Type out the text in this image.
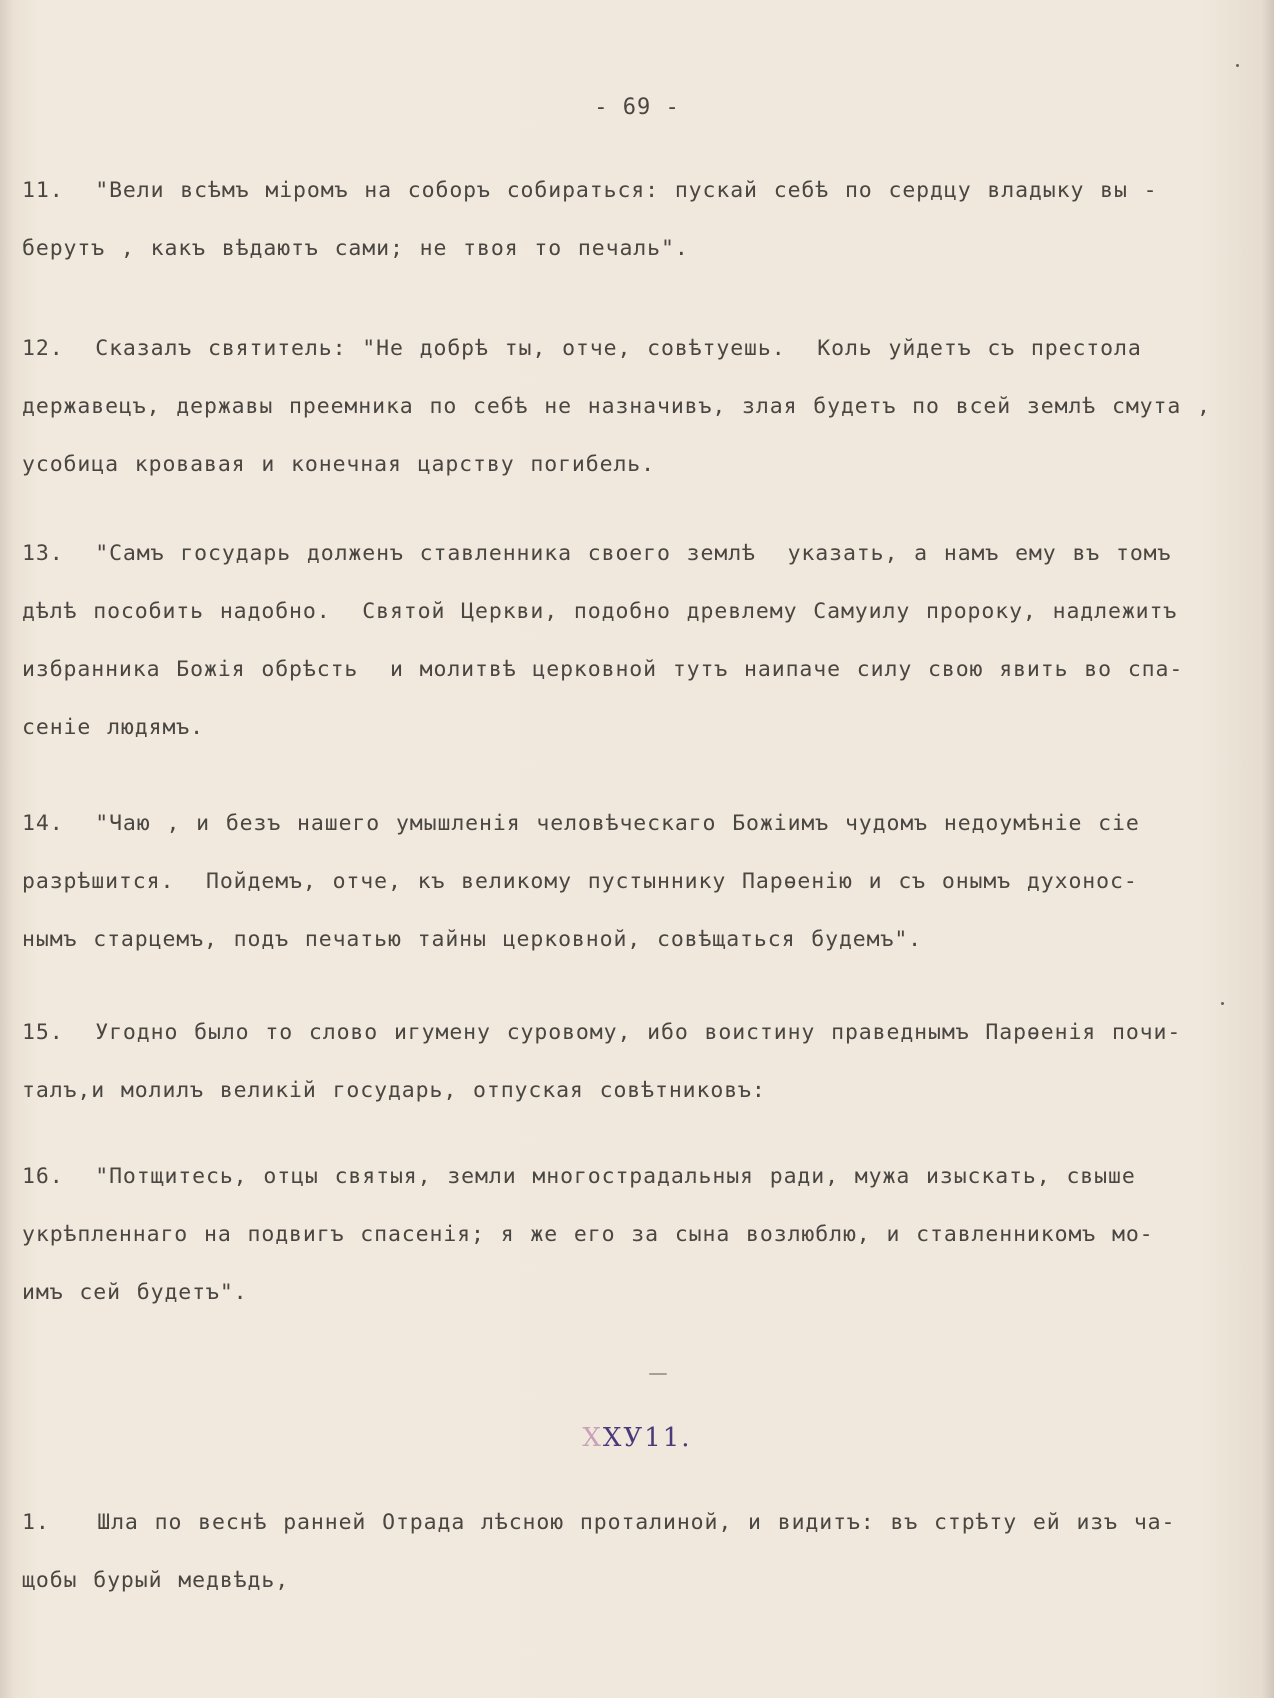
- 69 -
11.  "Вели всѣмъ міромъ на соборъ собираться: пускай себѣ по сердцу владыку вы -
берутъ , какъ вѣдаютъ сами; не твоя то печаль".
12.  Сказалъ святитель: "Не добрѣ ты, отче, совѣтуешь.  Коль уйдетъ съ престола
державецъ, державы преемника по себѣ не назначивъ, злая будетъ по всей землѣ смута ,
усобица кровавая и конечная царству погибель.
13.  "Самъ государь долженъ ставленника своего землѣ  указать, а намъ ему въ томъ
дѣлѣ пособить надобно.  Святой Церкви, подобно древлему Самуилу пророку, надлежитъ
избранника Божія обрѣсть  и молитвѣ церковной тутъ наипаче силу свою явить во спа-
сеніе людямъ.
14.  "Чаю , и безъ нашего умышленія человѣческаго Божіимъ чудомъ недоумѣніе сіе
разрѣшится.  Пойдемъ, отче, къ великому пустыннику Парѳенію и съ онымъ духонос-
нымъ старцемъ, подъ печатью тайны церковной, совѣщаться будемъ".
15.  Угодно было то слово игумену суровому, ибо воистину праведнымъ Парѳенія почи-
талъ,и молилъ великій государь, отпуская совѣтниковъ:
16.  "Потщитесь, отцы святыя, земли многострадальныя ради, мужа изыскать, свыше
укрѣпленнаго на подвигъ спасенія; я же его за сына возлюблю, и ставленникомъ мо-
имъ сей будетъ".
ХХУ11.
1.   Шла по веснѣ ранней Отрада лѣсною проталиной, и видитъ: въ стрѣту ей изъ ча-
щобы бурый медвѣдь,
